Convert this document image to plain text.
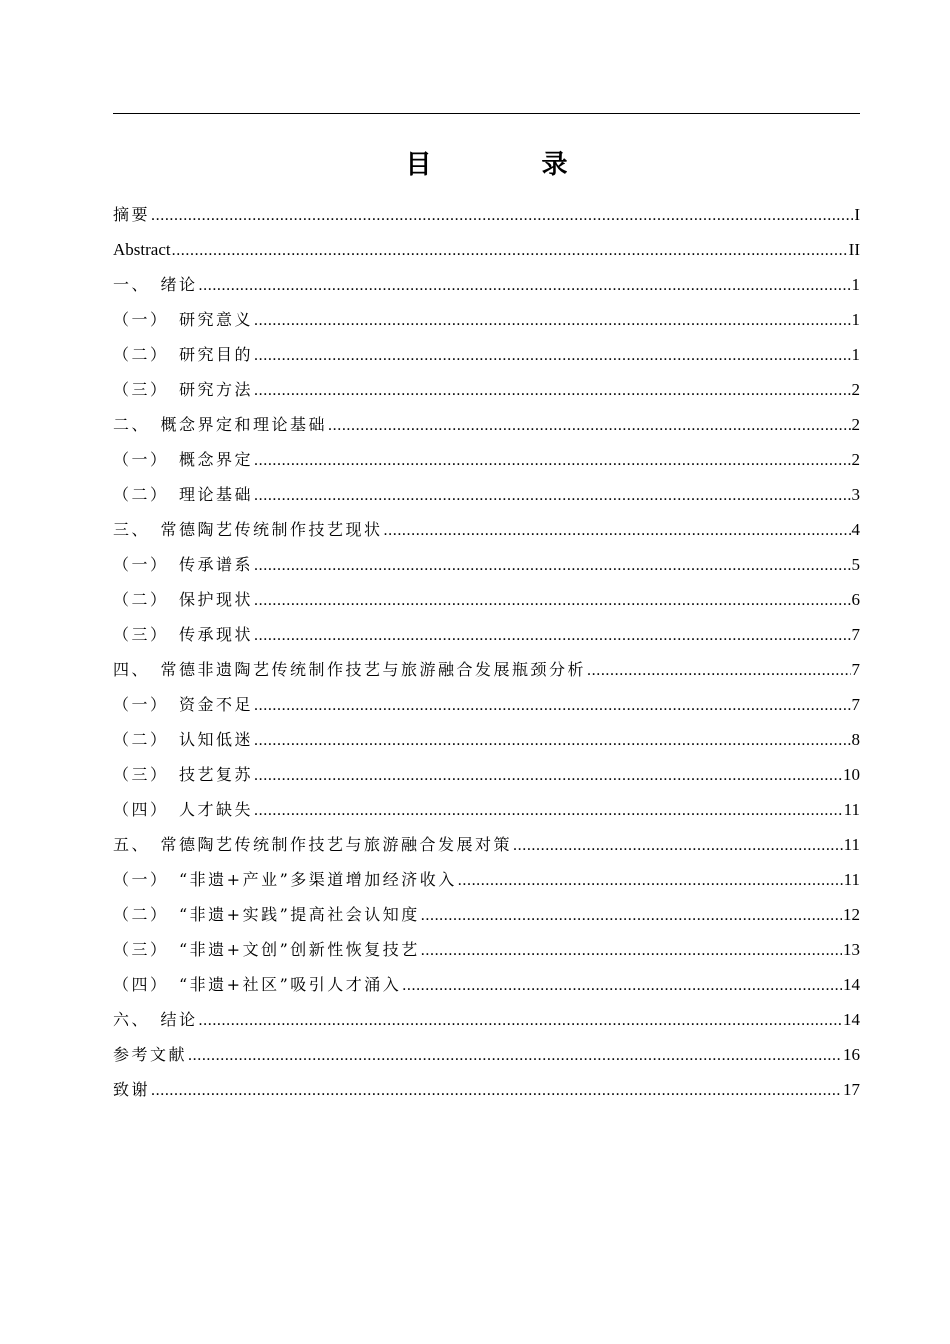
目　录
摘要 .....	I
Abstract .....	II
一、　绪论 .....	1
（一）　研究意义 .....	1
（二）　研究目的 .....	1
（三）　研究方法 .....	2
二、　概念界定和理论基础 .....	2
（一）　概念界定 .....	2
（二）　理论基础 .....	3
三、　常德陶艺传统制作技艺现状 .....	4
（一）　传承谱系 .....	5
（二）　保护现状 .....	6
（三）　传承现状 .....	7
四、　常德非遗陶艺传统制作技艺与旅游融合发展瓶颈分析 .....	7
（一）　资金不足 .....	7
（二）　认知低迷 .....	8
（三）　技艺复苏 .....	10
（四）　人才缺失 .....	11
五、　常德陶艺传统制作技艺与旅游融合发展对策 .....	11
（一）　“非遗+产业”多渠道增加经济收入 .....	11
（二）　“非遗+实践”提高社会认知度 .....	12
（三）　“非遗+文创”创新性恢复技艺 .....	13
（四）　“非遗+社区”吸引人才涌入 .....	14
六、　结论 .....	14
参考文献 .....	16
致谢 .....	17
